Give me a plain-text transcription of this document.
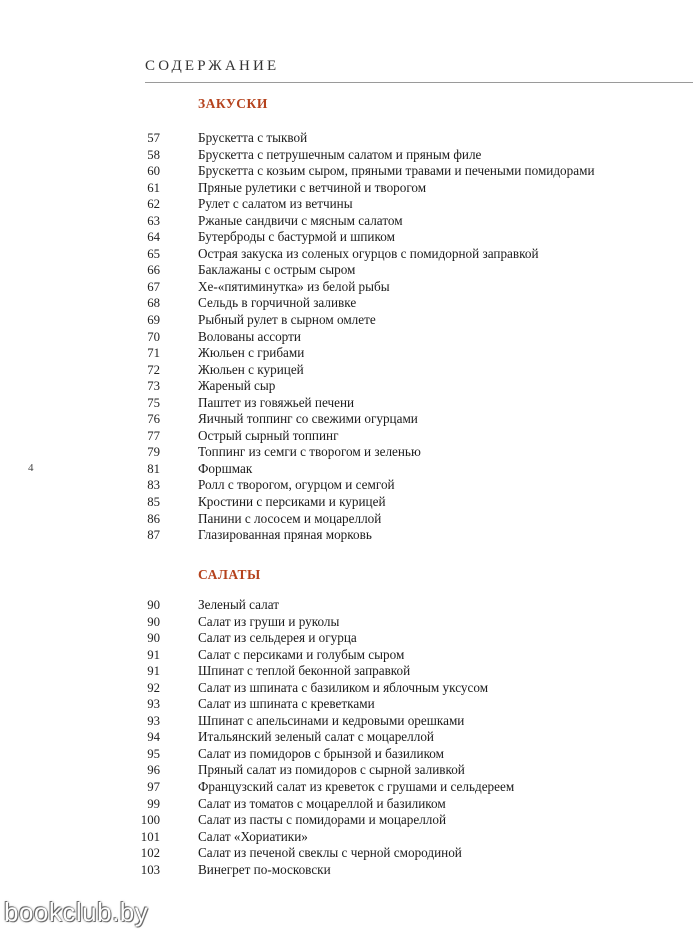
СОДЕРЖАНИЕ
ЗАКУСКИ
57	Брускетта с тыквой
58	Брускетта с петрушечным салатом и пряным филе
60	Брускетта с козьим сыром, пряными травами и печеными помидорами
61	Пряные рулетики с ветчиной и творогом
62	Рулет с салатом из ветчины
63	Ржаные сандвичи с мясным салатом
64	Бутерброды с бастурмой и шпиком
65	Острая закуска из соленых огурцов с помидорной заправкой
66	Баклажаны с острым сыром
67	Хе-«пятиминутка» из белой рыбы
68	Сельдь в горчичной заливке
69	Рыбный рулет в сырном омлете
70	Волованы ассорти
71	Жюльен с грибами
72	Жюльен с курицей
73	Жареный сыр
75	Паштет из говяжьей печени
76	Яичный топпинг со свежими огурцами
77	Острый сырный топпинг
79	Топпинг из семги с творогом и зеленью
81	Форшмак
83	Ролл с творогом, огурцом и семгой
85	Кростини с персиками и курицей
86	Панини с лососем и моцареллой
87	Глазированная пряная морковь
САЛАТЫ
90	Зеленый салат
90	Салат из груши и руколы
90	Салат из сельдерея и огурца
91	Салат с персиками и голубым сыром
91	Шпинат с теплой беконной заправкой
92	Салат из шпината с базиликом и яблочным уксусом
93	Салат из шпината с креветками
93	Шпинат с апельсинами и кедровыми орешками
94	Итальянский зеленый салат с моцареллой
95	Салат из помидоров с брынзой и базиликом
96	Пряный салат из помидоров с сырной заливкой
97	Французский салат из креветок с грушами и сельдереем
99	Салат из томатов с моцареллой и базиликом
100	Салат из пасты с помидорами и моцареллой
101	Салат «Хориатики»
102	Салат из печеной свеклы с черной смородиной
103	Винегрет по-московски
4
bookclub.by
